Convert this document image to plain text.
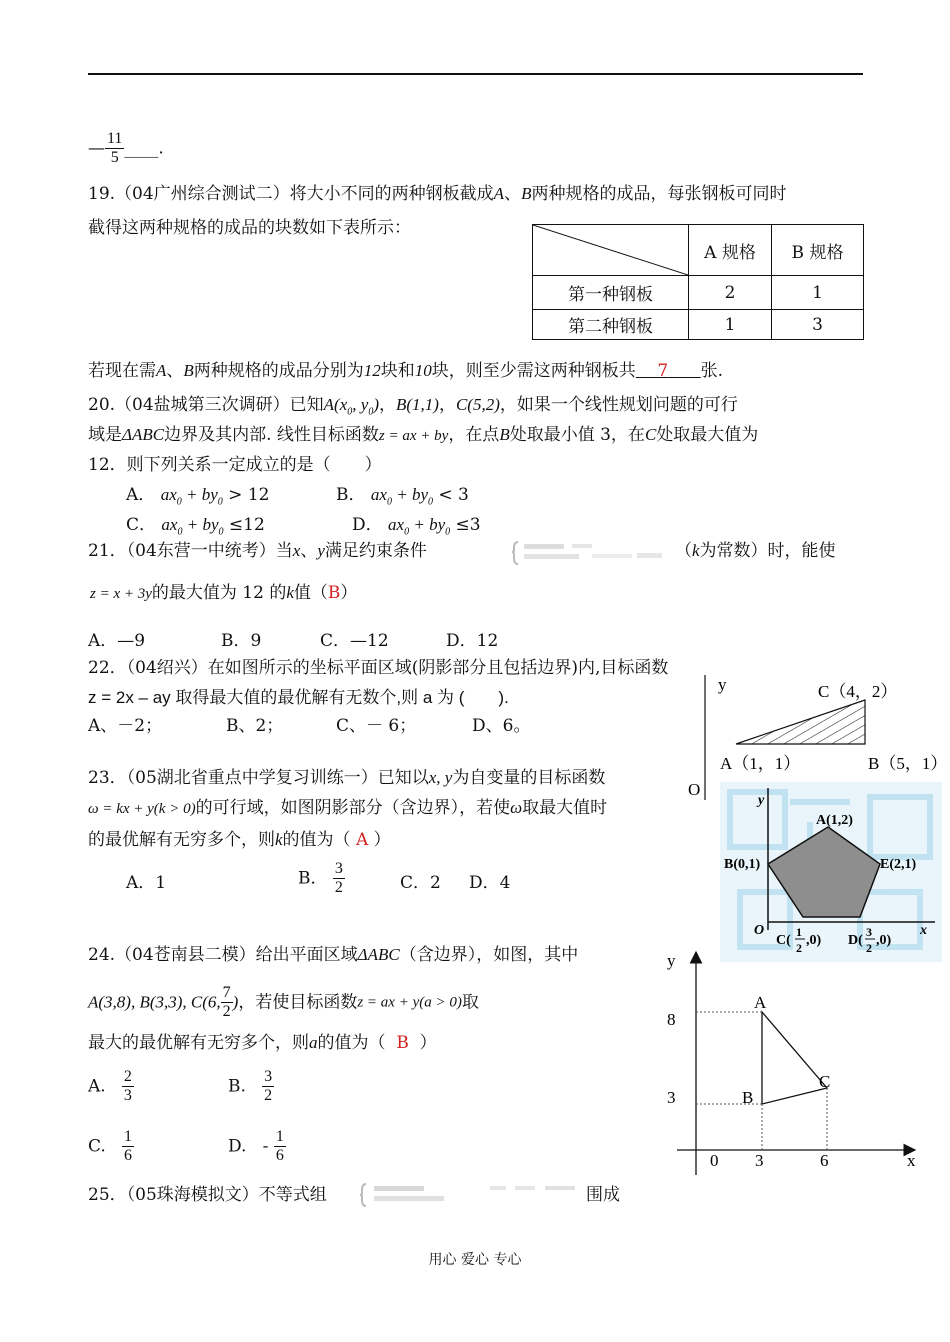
— $\frac{11}{5}$ ____.
19.（04广州综合测试二）将大小不同的两种钢板截成A、B两种规格的成品，每张钢板可同时
截得这两种规格的成品的块数如下表所示：
	A 规格	B 规格
第一种钢板	2	1
第二种钢板	1	3
若现在需A、B两种规格的成品分别为12块和10块，则至少需这两种钢板共 7 张.
20.（04盐城第三次调研）已知$A(x_0$, $y_0$)，B(1,1)，C(5,2)，如果一个线性规划问题的可行
域是ΔABC边界及其内部. 线性目标函数z = ax + by，在点B处取最小值 3，在C处取最大值为
12．则下列关系一定成立的是（　　）
A． $ax_0 + by_0 > 12$	B． $ax_0 + by_0 < 3$
C． $ax_0 + by_0 \le 12$	D． $ax_0 + by_0 \le 3$
21．（04东营一中统考）当x、y满足约束条件	（k为常数）时，能使
z = x + 3y的最大值为 12 的k值（B）
A．—9	B．9	C．—12	D．12
22．（04绍兴）在如图所示的坐标平面区域(阴影部分且包括边界)内,目标函数
z = 2x – ay 取得最大值的最优解有无数个,则 a 为 (　　).
A、－2；	B、2；	C、－ 6；	D、6。
y
O
C（4，2）
A（1，1）	B（5，1）
23．（05湖北省重点中学复习训练一）已知以x, y为自变量的目标函数
ω = kx + y(k > 0)的可行域，如图阴影部分（含边界），若使ω取最大值时
的最优解有无穷多个，则k的值为（ A ）
A．1	B． $\frac{3}{2}$	C．2 D．4
y
O	x
A(1,2)
B(0,1)	E(2,1)
C(
1
2 ,0) D(
3
2 ,0)
24.（04苍南县二模）给出平面区域ΔABC（含边界），如图，其中
A(3,8), B(3,3), C(6, $\frac{7}{2}$ )，若使目标函数z = ax + y(a > 0)取
最大的最优解有无穷多个，则a的值为（ B ）
A. $\frac{2}{3}$	B. $\frac{3}{2}$
C. $\frac{1}{6}$	D. - $\frac{1}{6}$
y
x
A
B
C
8
3
0 3	6
25．（05珠海模拟文）不等式组	围成
用心 爱心 专心
